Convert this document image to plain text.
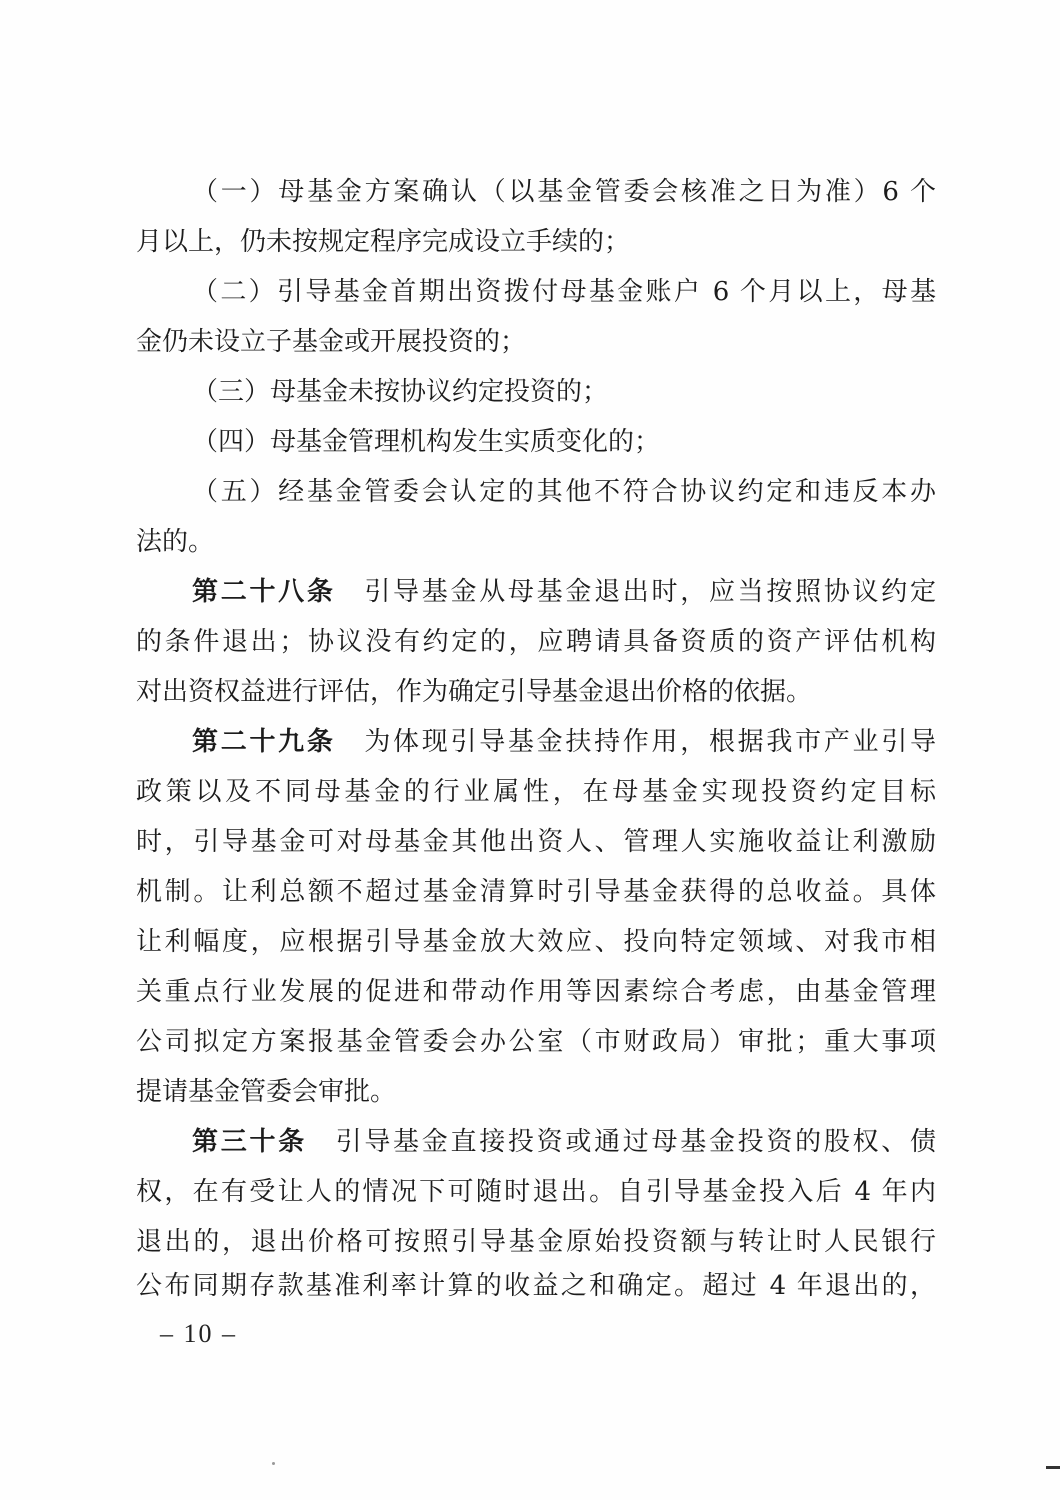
（一）母基金方案确认（以基金管委会核准之日为准）6 个
月以上，仍未按规定程序完成设立手续的；
（二）引导基金首期出资拨付母基金账户 6 个月以上，母基
金仍未设立子基金或开展投资的；
（三）母基金未按协议约定投资的；
（四）母基金管理机构发生实质变化的；
（五）经基金管委会认定的其他不符合协议约定和违反本办
法的。
第二十八条　引导基金从母基金退出时，应当按照协议约定
的条件退出；协议没有约定的，应聘请具备资质的资产评估机构
对出资权益进行评估，作为确定引导基金退出价格的依据。
第二十九条　为体现引导基金扶持作用，根据我市产业引导
政策以及不同母基金的行业属性，在母基金实现投资约定目标
时，引导基金可对母基金其他出资人、管理人实施收益让利激励
机制。让利总额不超过基金清算时引导基金获得的总收益。具体
让利幅度，应根据引导基金放大效应、投向特定领域、对我市相
关重点行业发展的促进和带动作用等因素综合考虑，由基金管理
公司拟定方案报基金管委会办公室（市财政局）审批；重大事项
提请基金管委会审批。
第三十条　引导基金直接投资或通过母基金投资的股权、债
权，在有受让人的情况下可随时退出。自引导基金投入后 4 年内
退出的，退出价格可按照引导基金原始投资额与转让时人民银行
公布同期存款基准利率计算的收益之和确定。超过 4 年退出的，
– 10 –
